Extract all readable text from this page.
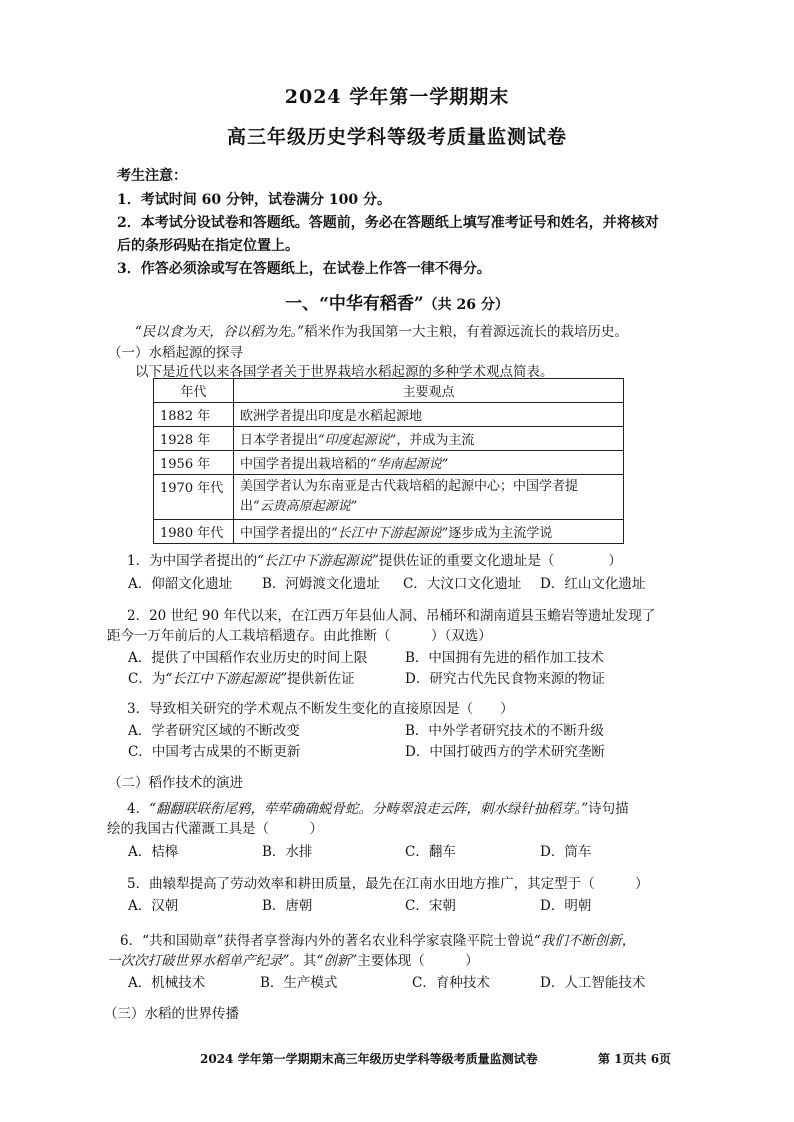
2024 学年第一学期期末
高三年级历史学科等级考质量监测试卷
考生注意：
1．考试时间 60 分钟，试卷满分 100 分。
2．本考试分设试卷和答题纸。答题前，务必在答题纸上填写准考证号和姓名，并将核对
后的条形码贴在指定位置上。
3．作答必须涂或写在答题纸上，在试卷上作答一律不得分。
一、“中华有稻香”（共 26 分）
“民以食为天，谷以稻为先。”稻米作为我国第一大主粮，有着源远流长的栽培历史。
（一）水稻起源的探寻
以下是近代以来各国学者关于世界栽培水稻起源的多种学术观点简表。
年代	主要观点
1882 年	欧洲学者提出印度是水稻起源地
1928 年	日本学者提出“印度起源说”，并成为主流
1956 年	中国学者提出栽培稻的“华南起源说”
1970 年代	美国学者认为东南亚是古代栽培稻的起源中心；中国学者提
出“云贵高原起源说”
1980 年代	中国学者提出的“长江中下游起源说”逐步成为主流学说
1．为中国学者提出的“长江中下游起源说”提供佐证的重要文化遗址是（　　　　）
A．仰韶文化遗址 B．河姆渡文化遗址 C．大汶口文化遗址 D．红山文化遗址
2．20 世纪 90 年代以来，在江西万年县仙人洞、吊桶环和湖南道县玉蟾岩等遗址发现了
距今一万年前后的人工栽培稻遗存。由此推断（　　　）（双选）
A．提供了中国稻作农业历史的时间上限	B．中国拥有先进的稻作加工技术
C．为“长江中下游起源说”提供新佐证	D．研究古代先民食物来源的物证
3．导致相关研究的学术观点不断发生变化的直接原因是（　　）
A．学者研究区域的不断改变	B．中外学者研究技术的不断升级
C．中国考古成果的不断更新	D．中国打破西方的学术研究垄断
（二）稻作技术的演进
4．“翻翻联联衔尾鸦，荦荦确确蜕骨蛇。分畴翠浪走云阵，刺水绿针抽稻芽。”诗句描
绘的我国古代灌溉工具是（　　　）
A．桔槔	B．水排	C．翻车	D．筒车
5．曲辕犁提高了劳动效率和耕田质量，最先在江南水田地方推广，其定型于（　　　）
A．汉朝	B．唐朝	C．宋朝	D．明朝
6．“共和国勋章”获得者享誉海内外的著名农业科学家袁隆平院士曾说“我们不断创新，
一次次打破世界水稻单产纪录”。其“创新”主要体现（　　　）
A．机械技术	B．生产模式	C．育种技术	D．人工智能技术
（三）水稻的世界传播
2024 学年第一学期期末高三年级历史学科等级考质量监测试卷	第 1页共 6页
